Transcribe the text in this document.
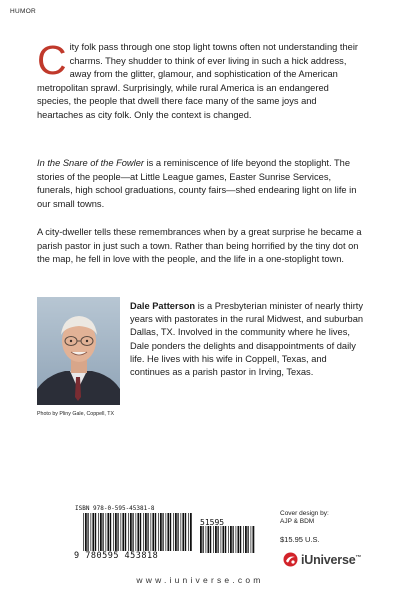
HUMOR

City folk pass through one stop light towns often not understanding their charms. They shudder to think of ever living in such a hick address, away from the glitter, glamour, and sophistication of the American metropolitan sprawl. Surprisingly, while rural America is an endangered species, the people that dwell there face many of the same joys and heartaches as city folk. Only the context is changed.

In the Snare of the Fowler is a reminiscence of life beyond the stoplight. The stories of the people—at Little League games, Easter Sunrise Services, funerals, high school graduations, county fairs—shed endearing light on life in our small towns.

A city-dweller tells these remembrances when by a great surprise he became a parish pastor in just such a town. Rather than being horrified by the tiny dot on the map, he fell in love with the people, and the life in a one-stoplight town.

Photo by Pliny Gale, Coppell, TX

Dale Patterson is a Presbyterian minister of nearly thirty years with pastorates in the rural Midwest, and suburban Dallas, TX. Involved in the community where he lives, Dale ponders the delights and disappointments of daily life. He lives with his wife in Coppell, Texas, and continues as a parish pastor in Irving, Texas.

ISBN 978-0-595-45381-8
51595
9 780595 453818
Cover design by:
AJP & BDM
$15.95 U.S.
iUniverse™
www.iuniverse.com
